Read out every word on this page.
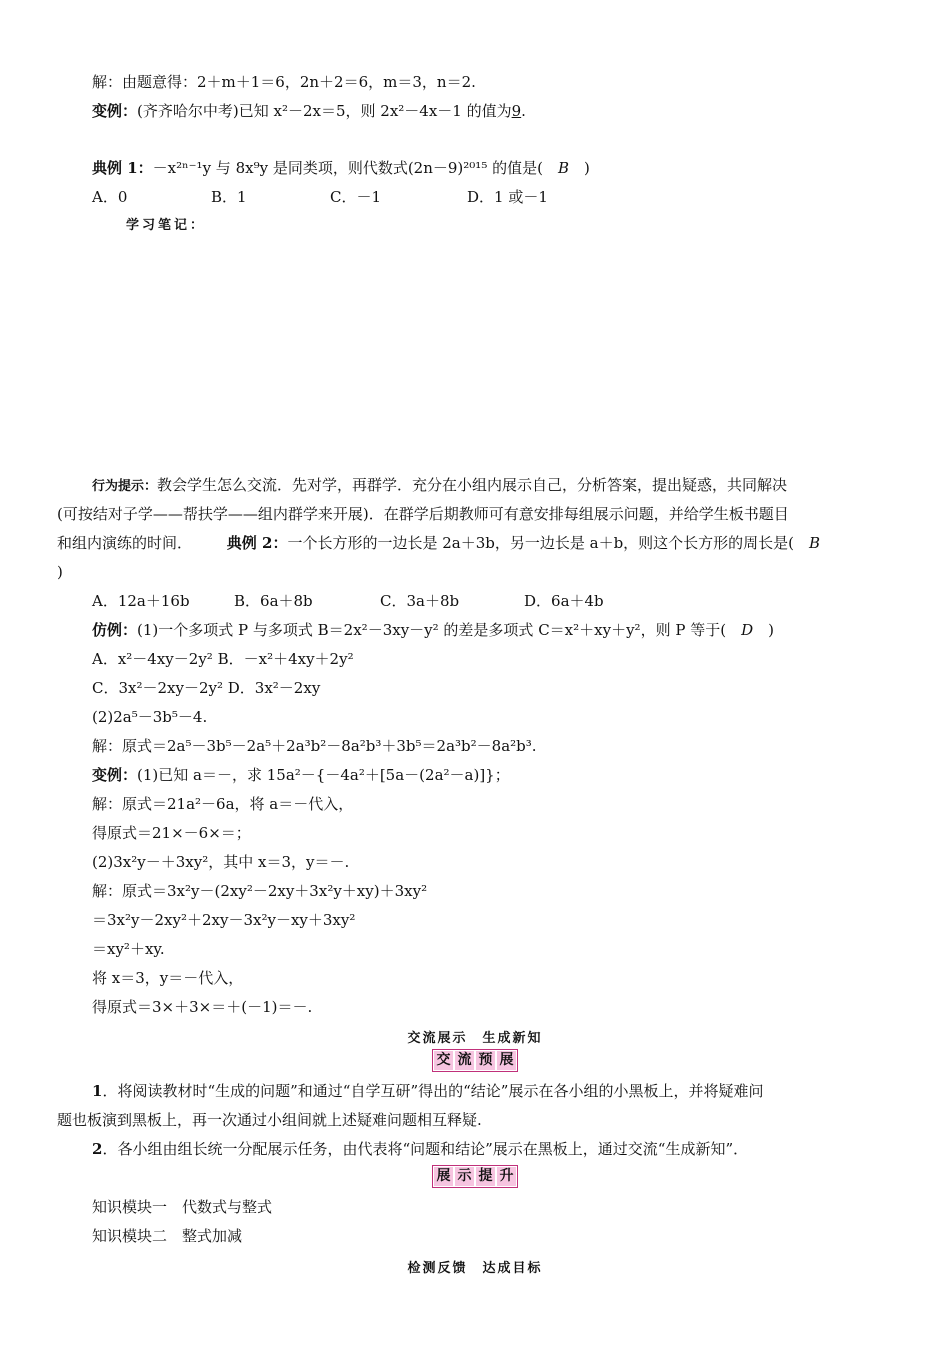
解：由题意得：2＋m＋1＝6，2n＋2＝6，m＝3，n＝2.
变例：(齐齐哈尔中考)已知 x²－2x＝5，则 2x²－4x－1 的值为9.
典例 1：－x²ⁿ⁻¹y 与 8x⁹y 是同类项，则代数式(2n－9)²⁰¹⁵ 的值是(　B　)
A．0	B．1	C．－1	D．1 或－1
学习笔记：
行为提示：教会学生怎么交流．先对学，再群学．充分在小组内展示自己，分析答案，提出疑惑，共同解决
(可按结对子学——帮扶学——组内群学来开展)．在群学后期教师可有意安排每组展示问题，并给学生板书题目
和组内演练的时间． 典例 2：一个长方形的一边长是 2a＋3b，另一边长是 a＋b，则这个长方形的周长是(　B
)
A．12a＋16b	B．6a＋8b	C．3a＋8b	D．6a＋4b
仿例：(1)一个多项式 P 与多项式 B＝2x²－3xy－y² 的差是多项式 C＝x²＋xy＋y²，则 P 等于(　D　)
A．x²－4xy－2y² B．－x²＋4xy＋2y²
C．3x²－2xy－2y² D．3x²－2xy
(2)2a⁵－3b⁵－4.
解：原式＝2a⁵－3b⁵－2a⁵＋2a³b²－8a²b³＋3b⁵＝2a³b²－8a²b³.
变例：(1)已知 a＝－，求 15a²－{－4a²＋[5a－(2a²－a)]}；
解：原式＝21a²－6a，将 a＝－代入，
得原式＝21×－6×＝；
(2)3x²y－＋3xy²，其中 x＝3，y＝－.
解：原式＝3x²y－(2xy²－2xy＋3x²y＋xy)＋3xy²
＝3x²y－2xy²＋2xy－3x²y－xy＋3xy²
＝xy²＋xy.
将 x＝3，y＝－代入，
得原式＝3×＋3×＝＋(－1)＝－.
交流展示　生成新知
交 流 预 展
1．将阅读教材时“生成的问题”和通过“自学互研”得出的“结论”展示在各小组的小黑板上，并将疑难问
题也板演到黑板上，再一次通过小组间就上述疑难问题相互释疑.
2．各小组由组长统一分配展示任务，由代表将“问题和结论”展示在黑板上，通过交流“生成新知”．
展 示 提 升
知识模块一　代数式与整式
知识模块二　整式加减
检测反馈　达成目标
